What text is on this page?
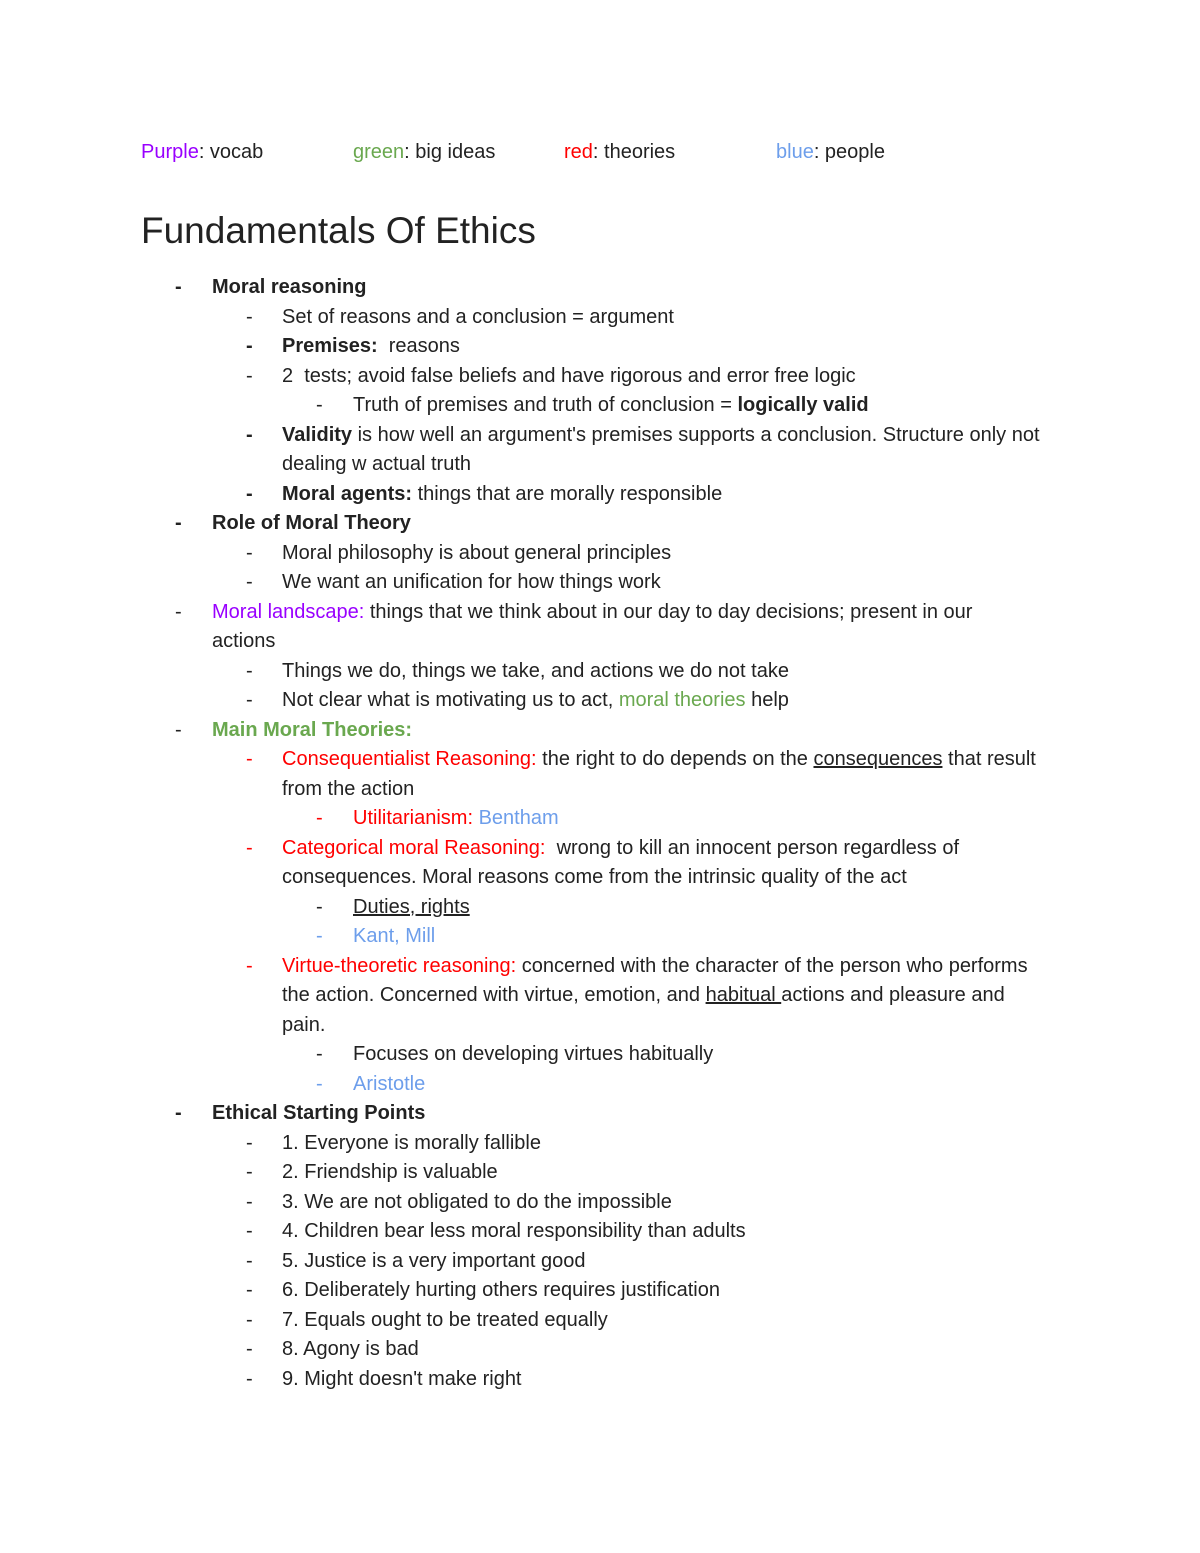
Purple: vocab	green: big ideas	red: theories	blue: people
Fundamentals Of Ethics
- Moral reasoning
- Set of reasons and a conclusion = argument
- Premises:  reasons
- 2  tests; avoid false beliefs and have rigorous and error free logic
- Truth of premises and truth of conclusion = logically valid
- Validity is how well an argument's premises supports a conclusion. Structure only not dealing w actual truth
- Moral agents: things that are morally responsible
- Role of Moral Theory
- Moral philosophy is about general principles
- We want an unification for how things work
- Moral landscape: things that we think about in our day to day decisions; present in our actions
- Things we do, things we take, and actions we do not take
- Not clear what is motivating us to act, moral theories help
- Main Moral Theories:
- Consequentialist Reasoning: the right to do depends on the consequences that result from the action
- Utilitarianism: Bentham
- Categorical moral Reasoning:  wrong to kill an innocent person regardless of consequences. Moral reasons come from the intrinsic quality of the act
- Duties, rights
- Kant, Mill
- Virtue-theoretic reasoning: concerned with the character of the person who performs the action. Concerned with virtue, emotion, and habitual actions and pleasure and pain.
- Focuses on developing virtues habitually
- Aristotle
- Ethical Starting Points
- 1. Everyone is morally fallible
- 2. Friendship is valuable
- 3. We are not obligated to do the impossible
- 4. Children bear less moral responsibility than adults
- 5. Justice is a very important good
- 6. Deliberately hurting others requires justification
- 7. Equals ought to be treated equally
- 8. Agony is bad
- 9. Might doesn't make right
